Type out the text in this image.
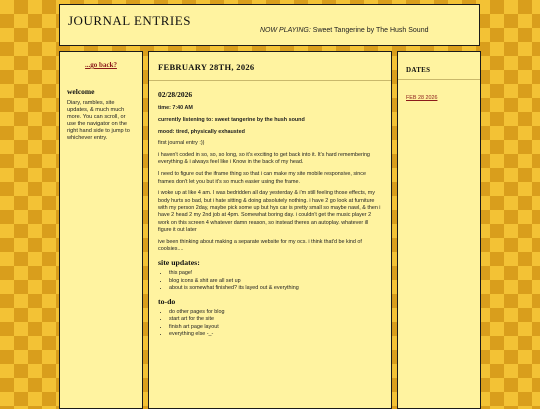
JOURNAL ENTRIES
NOW PLAYING: Sweet Tangerine by The Hush Sound
...go back?
welcome

Diary, rambles, site updates, & much much more. You can scroll, or use the navigator on the right hand side to jump to whichever entry.

FEBRUARY 28TH, 2026
02/28/2026

time: 7:40 AM

currently listening to: sweet tangerine by the hush sound

mood: tired, physically exhausted

first journal entry :))

i haven't coded in so, so, so long, so it's exciting to get back into it. It's hard remembering everything & i always feel like i Know in the back of my head.

I need to figure out the iframe thing so that i can make my site mobile responsive, since frames don't let you but it's so much easier using the frame.

i woke up at like 4 am. I was bedridden all day yesterday & i'm still feeling those effects, my body hurts so bad, but i hate sitting & doing absolutely nothing. i have 2 go look at furniture with my person 2day, maybe pick some up but hys car is pretty small so maybe nawl, & then i have 2 head 2 my 2nd job at 4pm. Somewhat boring day. i couldn't get the music player 2 work on this screen 4 whatever damn reason, so instead theres an autoplay. whatever ill figure it out later

ive been thinking about making a separate website for my ocs. i think that'd be kind of coolsies....

site updates:
• this page!
• blog icons & shit are all set up
• about is somewhat finished? its layed out & everything
to-do
• do other pages for blog
• start art for the site
• finish art page layout
• everything else -_-
DATES
FEB 28 2026
